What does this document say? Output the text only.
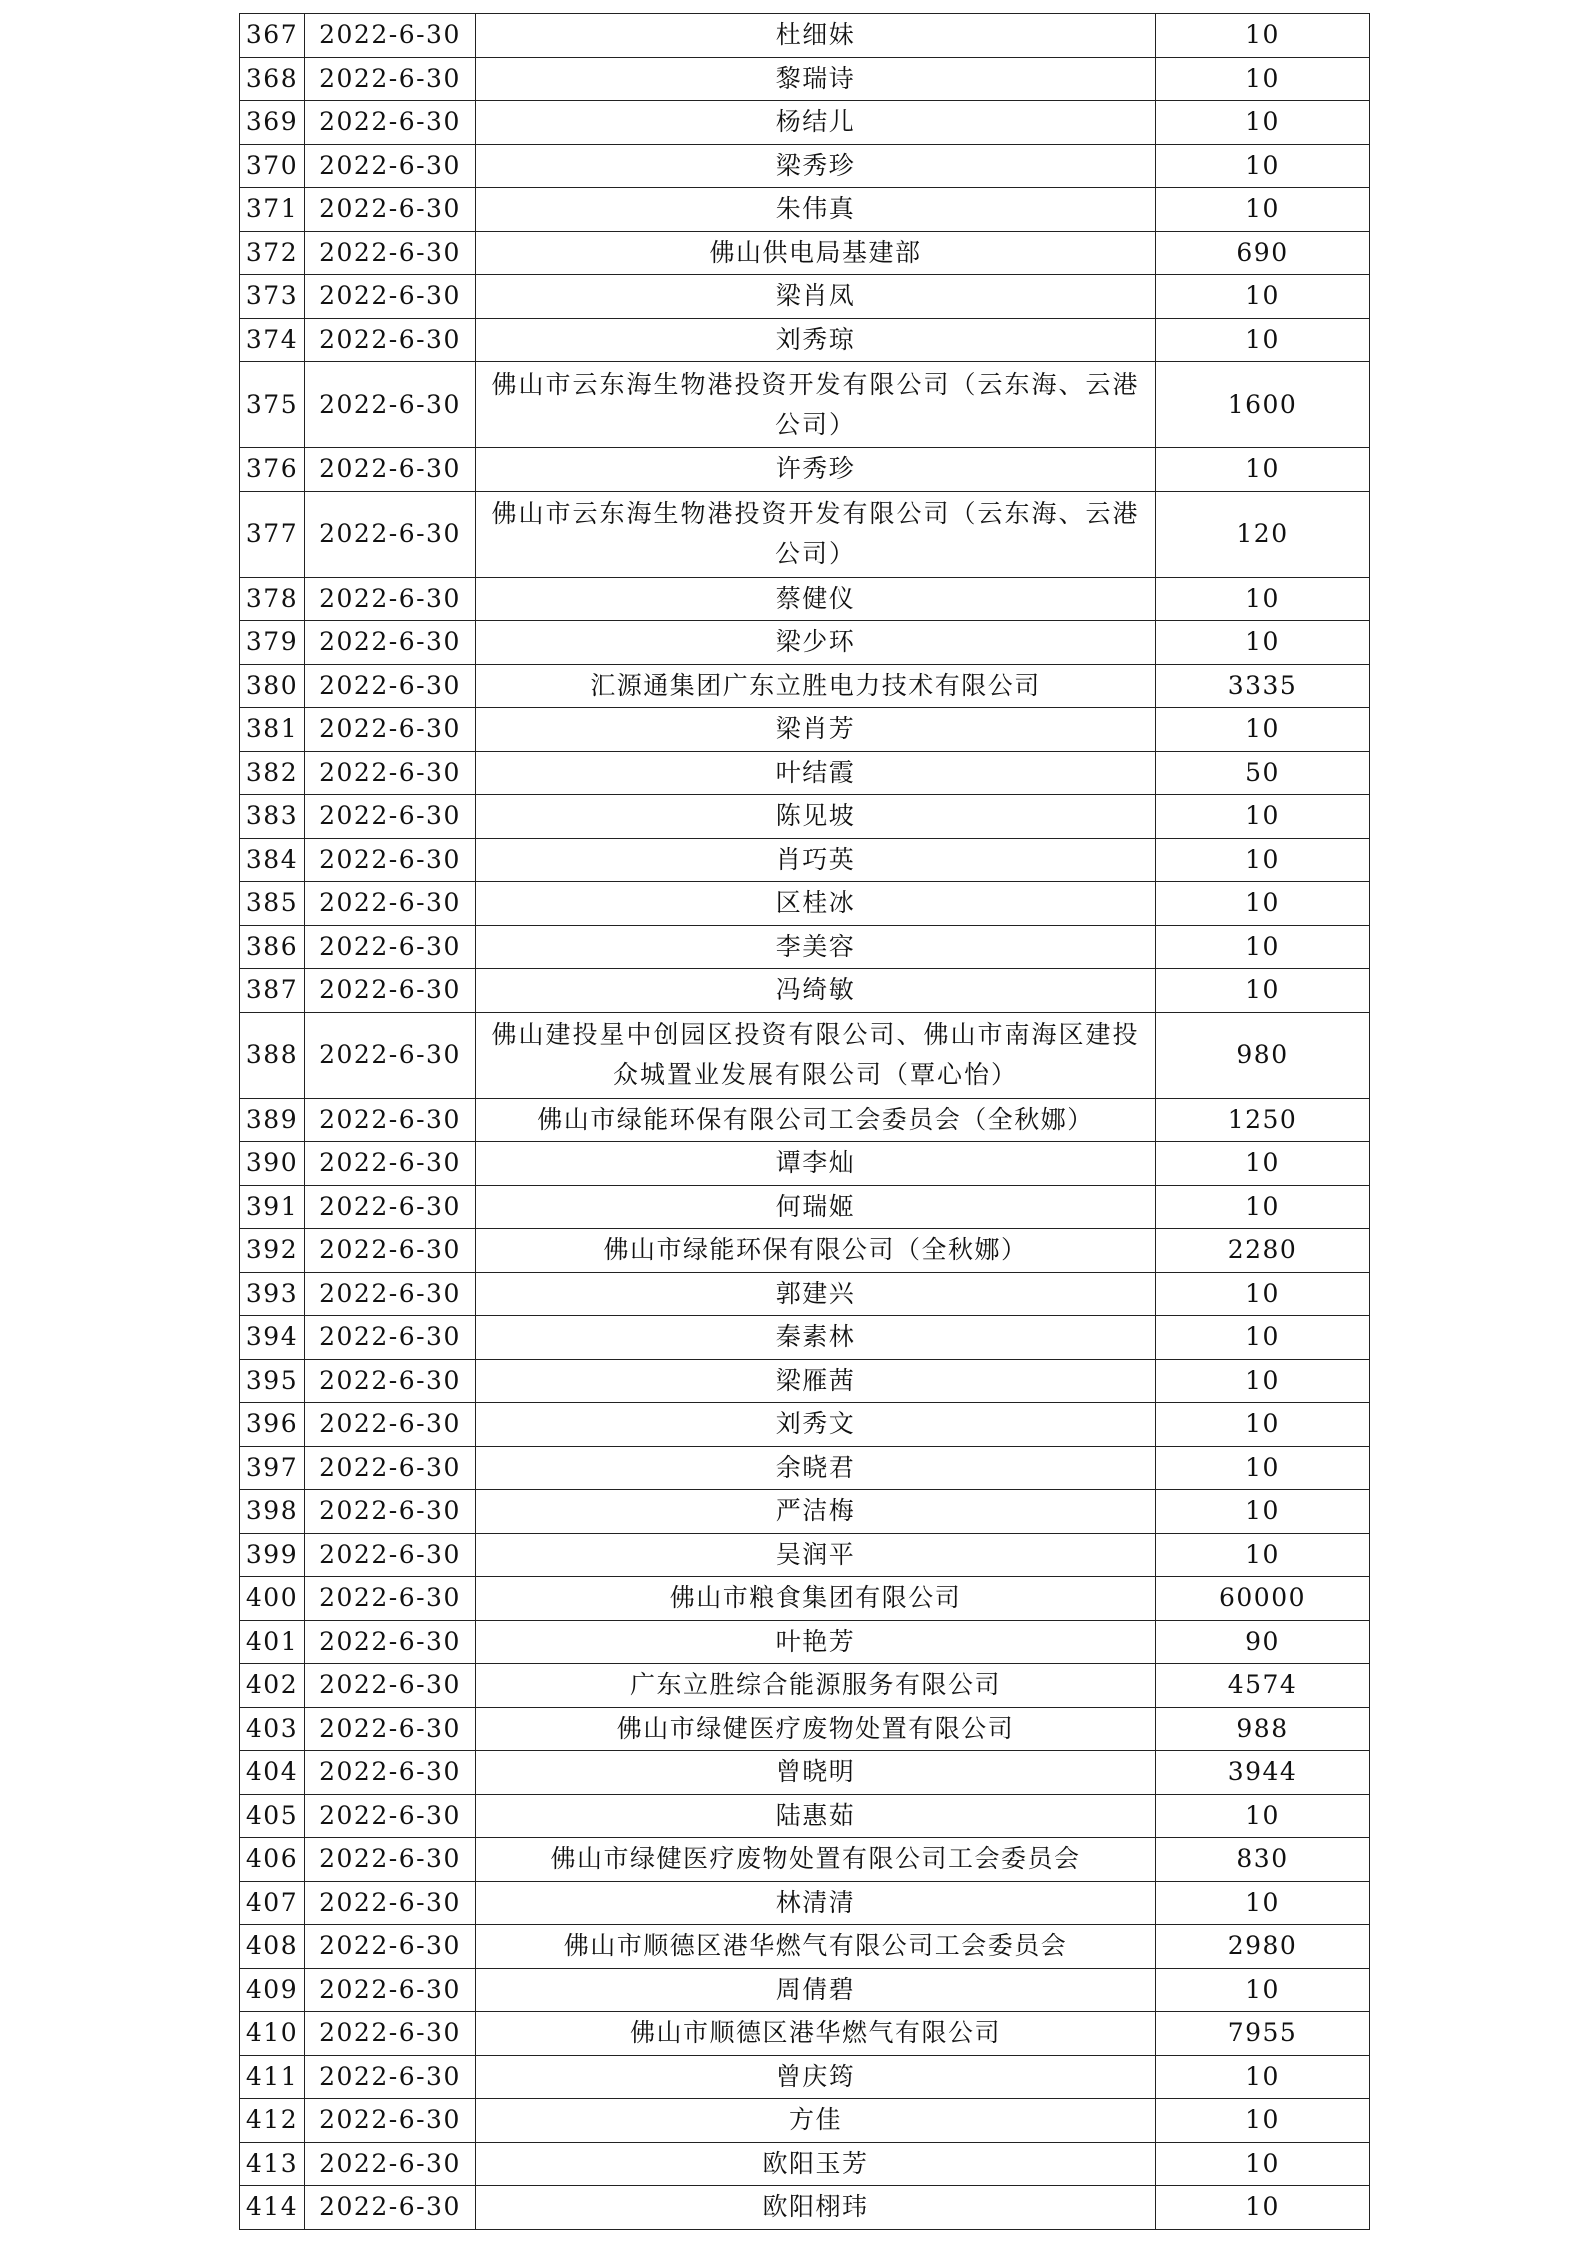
367	2022-6-30	杜细妹	10
368	2022-6-30	黎瑞诗	10
369	2022-6-30	杨结儿	10
370	2022-6-30	梁秀珍	10
371	2022-6-30	朱伟真	10
372	2022-6-30	佛山供电局基建部	690
373	2022-6-30	梁肖凤	10
374	2022-6-30	刘秀琼	10
375	2022-6-30	佛山市云东海生物港投资开发有限公司（云东海、云港公司）	1600
376	2022-6-30	许秀珍	10
377	2022-6-30	佛山市云东海生物港投资开发有限公司（云东海、云港公司）	120
378	2022-6-30	蔡健仪	10
379	2022-6-30	梁少环	10
380	2022-6-30	汇源通集团广东立胜电力技术有限公司	3335
381	2022-6-30	梁肖芳	10
382	2022-6-30	叶结霞	50
383	2022-6-30	陈见坡	10
384	2022-6-30	肖巧英	10
385	2022-6-30	区桂冰	10
386	2022-6-30	李美容	10
387	2022-6-30	冯绮敏	10
388	2022-6-30	佛山建投星中创园区投资有限公司、佛山市南海区建投众城置业发展有限公司（覃心怡）	980
389	2022-6-30	佛山市绿能环保有限公司工会委员会（全秋娜）	1250
390	2022-6-30	谭李灿	10
391	2022-6-30	何瑞姬	10
392	2022-6-30	佛山市绿能环保有限公司（全秋娜）	2280
393	2022-6-30	郭建兴	10
394	2022-6-30	秦素林	10
395	2022-6-30	梁雁茜	10
396	2022-6-30	刘秀文	10
397	2022-6-30	余晓君	10
398	2022-6-30	严洁梅	10
399	2022-6-30	吴润平	10
400	2022-6-30	佛山市粮食集团有限公司	60000
401	2022-6-30	叶艳芳	90
402	2022-6-30	广东立胜综合能源服务有限公司	4574
403	2022-6-30	佛山市绿健医疗废物处置有限公司	988
404	2022-6-30	曾晓明	3944
405	2022-6-30	陆惠茹	10
406	2022-6-30	佛山市绿健医疗废物处置有限公司工会委员会	830
407	2022-6-30	林清清	10
408	2022-6-30	佛山市顺德区港华燃气有限公司工会委员会	2980
409	2022-6-30	周倩碧	10
410	2022-6-30	佛山市顺德区港华燃气有限公司	7955
411	2022-6-30	曾庆筠	10
412	2022-6-30	方佳	10
413	2022-6-30	欧阳玉芳	10
414	2022-6-30	欧阳栩玮	10
